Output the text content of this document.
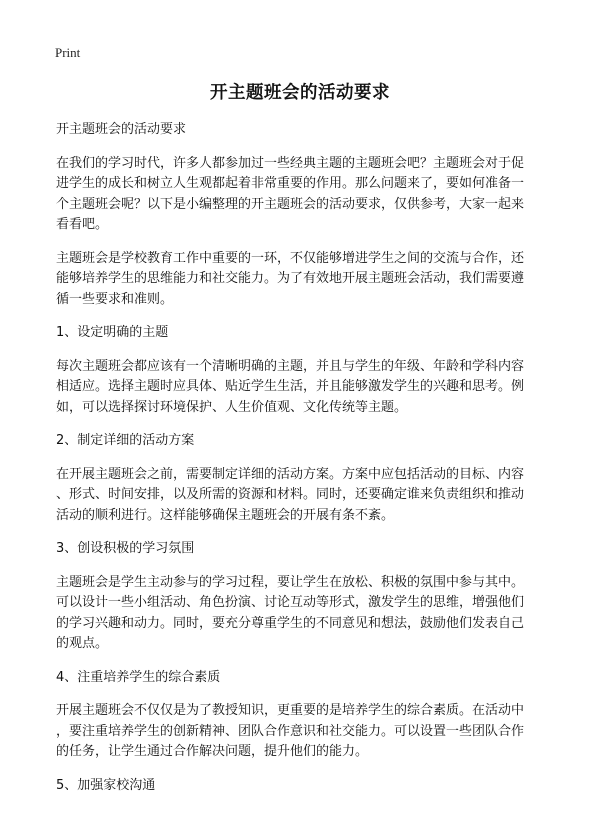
Print
开主题班会的活动要求

开主题班会的活动要求

在我们的学习时代，许多人都参加过一些经典主题的主题班会吧？主题班会对于促

进学生的成长和树立人生观都起着非常重要的作用。那么问题来了，要如何准备一

个主题班会呢？以下是小编整理的开主题班会的活动要求，仅供参考，大家一起来

看看吧。

主题班会是学校教育工作中重要的一环，不仅能够增进学生之间的交流与合作，还

能够培养学生的思维能力和社交能力。为了有效地开展主题班会活动，我们需要遵

循一些要求和准则。

1、设定明确的主题

每次主题班会都应该有一个清晰明确的主题，并且与学生的年级、年龄和学科内容

相适应。选择主题时应具体、贴近学生生活，并且能够激发学生的兴趣和思考。例

如，可以选择探讨环境保护、人生价值观、文化传统等主题。

2、制定详细的活动方案

在开展主题班会之前，需要制定详细的活动方案。方案中应包括活动的目标、内容

、形式、时间安排，以及所需的资源和材料。同时，还要确定谁来负责组织和推动

活动的顺利进行。这样能够确保主题班会的开展有条不紊。

3、创设积极的学习氛围

主题班会是学生主动参与的学习过程，要让学生在放松、积极的氛围中参与其中。

可以设计一些小组活动、角色扮演、讨论互动等形式，激发学生的思维，增强他们

的学习兴趣和动力。同时，要充分尊重学生的不同意见和想法，鼓励他们发表自己

的观点。

4、注重培养学生的综合素质

开展主题班会不仅仅是为了教授知识，更重要的是培养学生的综合素质。在活动中

，要注重培养学生的创新精神、团队合作意识和社交能力。可以设置一些团队合作

的任务，让学生通过合作解决问题，提升他们的能力。

5、加强家校沟通
